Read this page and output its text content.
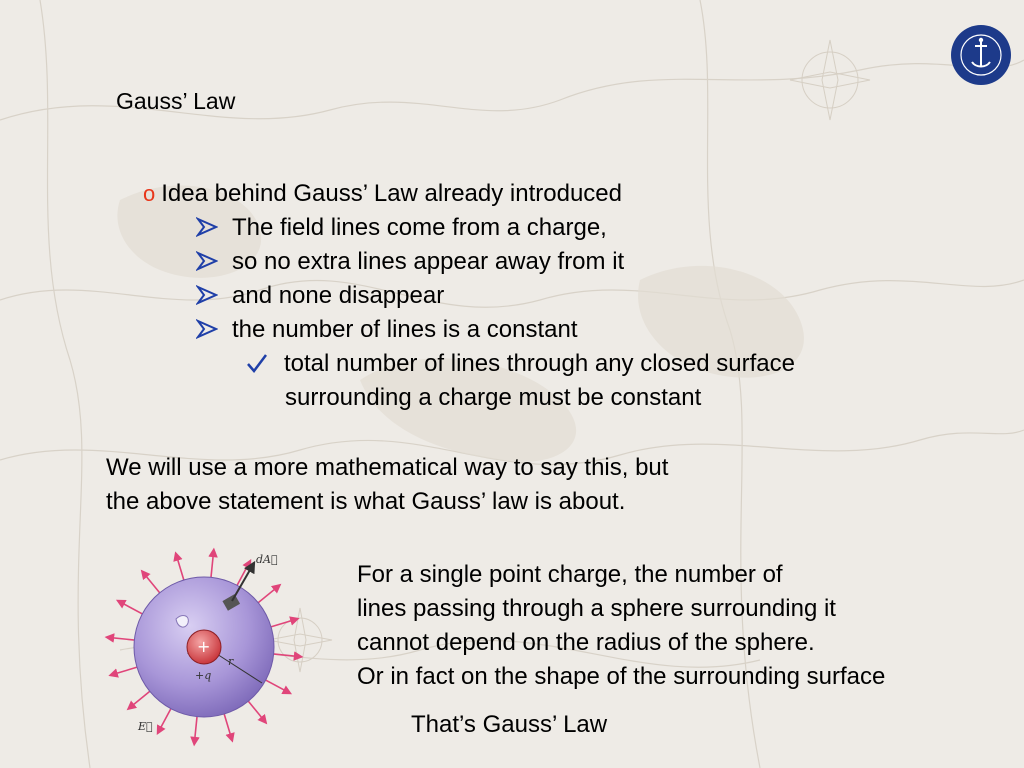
Gauss’ Law
o Idea behind Gauss’ Law already introduced
The field lines come from a charge,
so no extra lines appear away from it
and none disappear
the number of lines is a constant
total number of lines through any closed surface
surrounding a charge must be constant
We will use a more mathematical way to say this, but
the above statement is what Gauss’ law is about.
For a single point charge, the number of
lines passing through a sphere surrounding it
cannot depend on the radius of the sphere.
Or in fact on the shape of the surrounding surface
That’s Gauss’ Law
dA⃗
r
+
+q
E⃗
